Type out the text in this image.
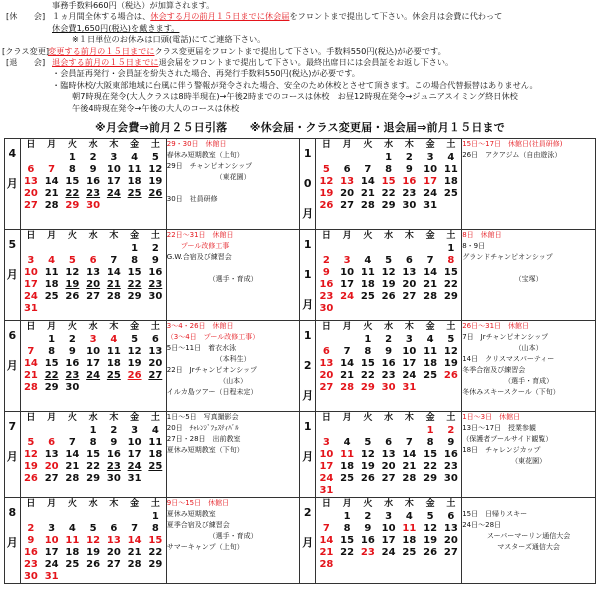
事務手数料660円（税込）が加算されます。
[休　　会] １ヵ月間全休する場合は、休会する月の前月１５日までに休会届をフロントまで提出して下さい。休会月は会費に代わって
休会費1,650円(税込)を戴きます。
※１日単位のお休みは口頭(電話)にてご連絡下さい。
[クラス変更]
変更する前月の１５日までにクラス変更届をフロントまで提出して下さい。手数料550円(税込)が必要です。
[退　　会] 退会する前月の１５日までに退会届をフロントまで提出して下さい。最終出席日には会員証をお返し下さい。
・会員証再発行・会員証を紛失された場合、再発行手数料550円(税込)が必要です。
・臨時休校/大阪東部地域に台風に伴う警報が発令された場合、安全のため休校とさせて頂きます。この場合代替振替はありません。
朝7時現在発令(大人クラスは8時半現在)→午後2時までのコースは休校　お昼12時現在発令→ジュニアスイミング終日休校
午後4時現在発令→午後の大人のコースは休校
※月会費⇒前月２５日引落　　※休会届・クラス変更届・退会届⇒前月１５日まで
4月	
日	月	火	水	木	金	土
		1	2	3	4	5
6	7	8	9	10	11	12
13	14	15	16	17	18	19
20	21	22	23	24	25	26
27	28	29	30			

29・30日　休館日
春休み短期教室（上旬）
29日　チャンピオンシップ
（東花園）

30日　社員研修
	10月	
日	月	火	水	木	金	土
			1	2	3	4
5	6	7	8	9	10	11
12	13	14	15	16	17	18
19	20	21	22	23	24	25
26	27	28	29	30	31	

15日〜17日　休館日(社員研修)
26日　アクアジム（自由遊泳）

5月	
日	月	火	水	木	金	土
					1	2
3	4	5	6	7	8	9
10	11	12	13	14	15	16
17	18	19	20	21	22	23
24	25	26	27	28	29	30
31						

22日〜31日　休館日
　　プール改修工事
G.W.合宿及び練習会

（選手・育成）
	11月	
日	月	火	水	木	金	土
						1
2	3	4	5	6	7	8
9	10	11	12	13	14	15
16	17	18	19	20	21	22
23	24	25	26	27	28	29
30						

8日　休館日
8・9日
グランドチャンピオンシップ

（宝塚）

6月	
日	月	火	水	木	金	土
	1	2	3	4	5	6
7	8	9	10	11	12	13
14	15	16	17	18	19	20
21	22	23	24	25	26	27
28	29	30				

3〜4・26日　休館日
（3〜4日　プール改修工事）
5日〜11日　着衣水泳
（本科生）
22日　Jrチャンピオンシップ
（山本）
イルカ島ツアー（日程未定）
	12月	
日	月	火	水	木	金	土
		1	2	3	4	5
6	7	8	9	10	11	12
13	14	15	16	17	18	19
20	21	22	23	24	25	26
27	28	29	30	31		

26日〜31日　休館日
7日　Jrチャンピオンシップ
（山本）
14日　クリスマスパーティー
冬季合宿及び練習会
（選手・育成）
冬休みスキースクール（下旬）

7月	
日	月	火	水	木	金	土
			1	2	3	4
5	6	7	8	9	10	11
12	13	14	15	16	17	18
19	20	21	22	23	24	25
26	27	28	29	30	31	

1日〜5日　写真撮影会
20日　ﾁｬﾚﾝｼﾞﾌｪｽﾃｨﾊﾞﾙ
27日・28日　出前教室
夏休み短期教室（下旬）
	1月	
日	月	火	水	木	金	土
					1	2
3	4	5	6	7	8	9
10	11	12	13	14	15	16
17	18	19	20	21	22	23
24	25	26	27	28	29	30
31						

1日〜3日　休館日
13日〜17日　授業参観
（保護者プールサイド観覧）
18日　チャレンジカップ
（東花園）

8月	
日	月	火	水	木	金	土
						1
2	3	4	5	6	7	8
9	10	11	12	13	14	15
16	17	18	19	20	21	22
23	24	25	26	27	28	29
30	31					

9日〜15日　休館日
夏休み短期教室
夏季合宿及び練習会
（選手・育成）
サマーキャンプ（上旬）
	2月	
日	月	火	水	木	金	土
	1	2	3	4	5	6
7	8	9	10	11	12	13
14	15	16	17	18	19	20
21	22	23	24	25	26	27
28						

15日　日帰りスキー
24日〜28日
スーパーマーリン通信大会
マスターズ通信大会
